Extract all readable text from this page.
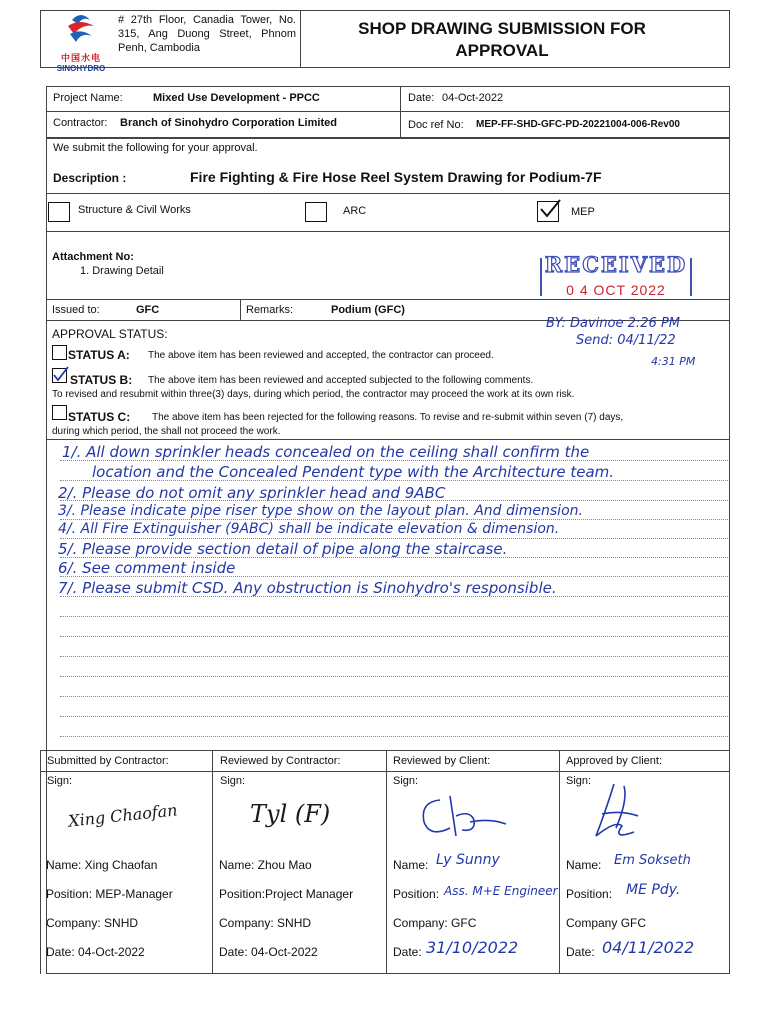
中国水电
SINOHYDRO
# 27th Floor, Canadia Tower, No. 315, Ang Duong Street, Phnom Penh, Cambodia
SHOP DRAWING SUBMISSION FOR APPROVAL
Project Name:	Mixed Use Development - PPCC	Date: 04-Oct-2022
Contractor: Branch of Sinohydro Corporation Limited	Doc ref No: MEP-FF-SHD-GFC-PD-20221004-006-Rev00
We submit the following for your approval.
Description :	Fire Fighting & Fire Hose Reel System Drawing for Podium-7F
Structure & Civil Works	ARC	MEP
Attachment No:
1. Drawing Detail	RECEIVED
0 4 OCT 2022
Issued to:	GFC	Remarks:	Podium (GFC)
BY: Davinoe 2:26 PM
Send: 04/11/22
4:31 PM
APPROVAL STATUS:
STATUS A: The above item has been reviewed and accepted, the contractor can proceed.
STATUS B: The above item has been reviewed and accepted subjected to the following comments.
To revised and resubmit within three(3) days, during which period, the contractor may proceed the work at its own risk.
STATUS C: The above item has been rejected for the following reasons. To revise and re-submit within seven (7) days,
during which period, the shall not proceed the work.
1/. All down sprinkler heads concealed on the ceiling shall confirm the
location and the Concealed Pendent type with the Architecture team.
2/. Please do not omit any sprinkler head and 9ABC
3/. Please indicate pipe riser type show on the layout plan. And dimension.
4/. All Fire Extinguisher (9ABC) shall be indicate elevation & dimension.
5/. Please provide section detail of pipe along the staircase.
6/. See comment inside
7/. Please submit CSD. Any obstruction is Sinohydro's responsible.
Submitted by Contractor:
Sign:
Xing Chaofan
Name: Xing Chaofan
Position: MEP-Manager
Company: SNHD
Date: 04-Oct-2022
Reviewed by Contractor:
Sign:
Tyl (F)
Name: Zhou Mao
Position:Project Manager
Company: SNHD
Date: 04-Oct-2022
Reviewed by Client:
Sign:
Name: Ly Sunny
Position: Ass. M+E Engineer
Company: GFC
Date: 31/10/2022
Approved by Client:
Sign:
Name: Em Sokseth
Position: ME Pdy.
Company GFC
Date: 04/11/2022
